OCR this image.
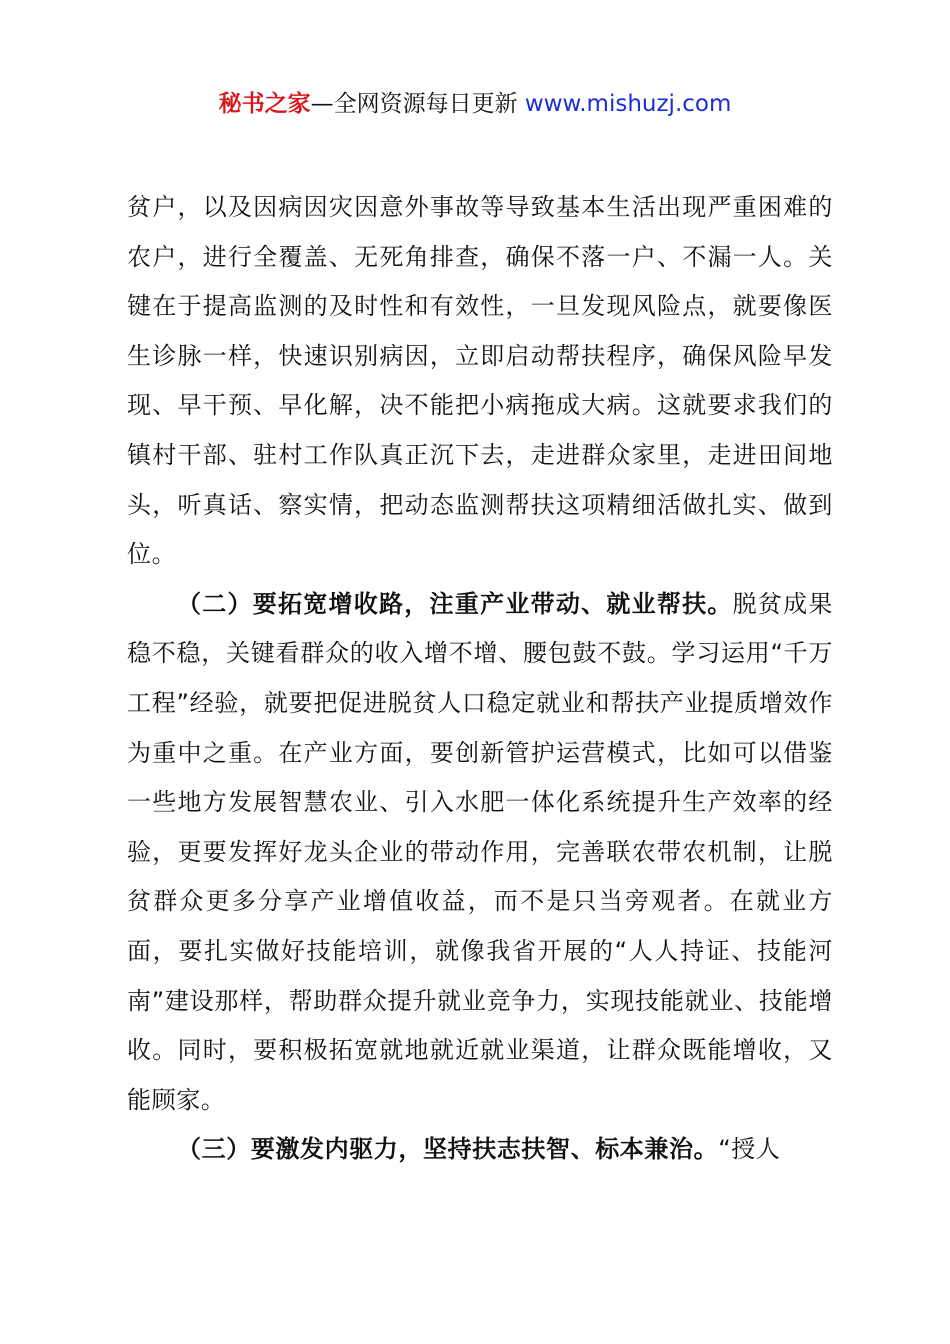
秘书之家—全网资源每日更新 www.mishuzj.com

贫户，以及因病因灾因意外事故等导致基本生活出现严重困难的农户，进行全覆盖、无死角排查，确保不落一户、不漏一人。关键在于提高监测的及时性和有效性，一旦发现风险点，就要像医生诊脉一样，快速识别病因，立即启动帮扶程序，确保风险早发现、早干预、早化解，决不能把小病拖成大病。这就要求我们的镇村干部、驻村工作队真正沉下去，走进群众家里，走进田间地头，听真话、察实情，把动态监测帮扶这项精细活做扎实、做到位。

（二）要拓宽增收路，注重产业带动、就业帮扶。脱贫成果稳不稳，关键看群众的收入增不增、腰包鼓不鼓。学习运用“千万工程”经验，就要把促进脱贫人口稳定就业和帮扶产业提质增效作为重中之重。在产业方面，要创新管护运营模式，比如可以借鉴一些地方发展智慧农业、引入水肥一体化系统提升生产效率的经验，更要发挥好龙头企业的带动作用，完善联农带农机制，让脱贫群众更多分享产业增值收益，而不是只当旁观者。在就业方面，要扎实做好技能培训，就像我省开展的“人人持证、技能河南”建设那样，帮助群众提升就业竞争力，实现技能就业、技能增收。同时，要积极拓宽就地就近就业渠道，让群众既能增收，又能顾家。

（三）要激发内驱力，坚持扶志扶智、标本兼治。“授人
